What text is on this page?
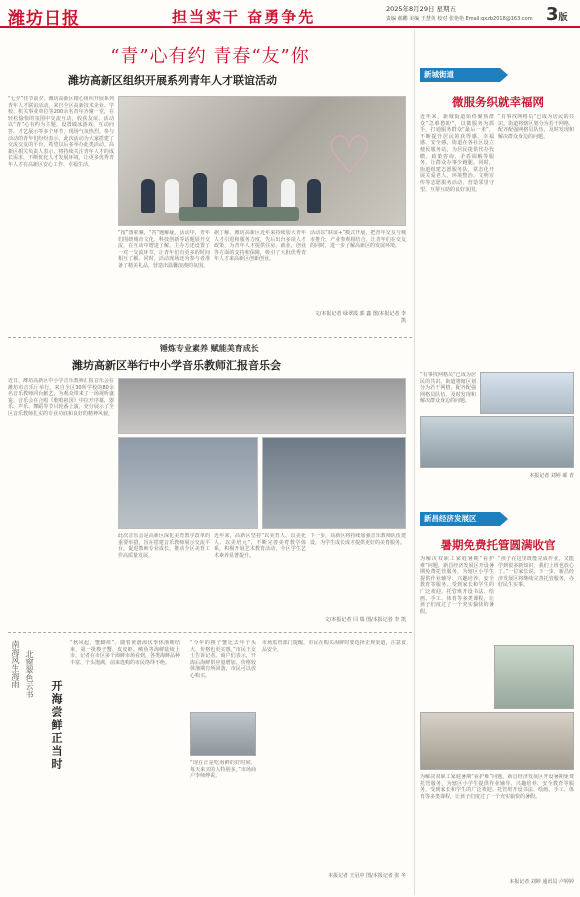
潍坊日报	担当实干 奋勇争先	2025年8月29日 星期五
责编 郝鹏 美编 王慧英 校对 张艳艳 Email:qxzb2018@163.com 3版
“青”心有约 青春“友”你
潍坊高新区组织开展系列青年人才联谊活动
“七夕”佳节前夕，潍坊高新区精心组织开展系列青年人才联谊活动，来自全区高新技术企业、学校、机关事业单位等200余名青年齐聚一堂，在轻松愉快的氛围中交流互动，收获友谊。活动以“青”心有约为主题，设置破冰游戏、互动问答、才艺展示等多个环节，现场气氛热烈。参与活动的青年们纷纷表示，此次活动为大家搭建了交流交友的平台，希望以后多举办此类活动。高新区相关负责人表示，将持续关注青年人才的成长需求，不断优化人才发展环境，让更多优秀青年人才在高新区安心工作、幸福生活。	♡
“按”图索骥，“答”题解疑。活动中，青年们围绕城市文化、科技创新等话题展开交流，在互动中增进了解。主办方还设置了一对一交流环节，让青年们有更多的时间相互了解。同时，活动现场还为参与者准备了精美礼品，营造出温馨浪漫的氛围。
据了解，潍坊高新区近年来持续加大青年人才引进和服务力度，先后出台多项人才政策，为青年人才提供住房、就业、创业等方面的支持和保障，吸引了大批优秀青年人才来高新区创新创业。
活动以“联谊+”模式开展，把青年交友与城市推介、产业参观相结合，让青年们在交友的同时，进一步了解高新区的发展环境。
文/本报记者 绿翠霞 郭 鑫 图/本报记者 李 凯
锤炼专业素养 赋能美育成长
潍坊高新区举行中小学音乐教师汇报音乐会
近日，潍坊高新区中小学音乐教师汇报音乐会在潍坊市音乐厅举行。来自全区30所学校的80余名音乐教师同台献艺，为观众带来了一场视听盛宴。音乐会在合唱《歌唱祖国》中拉开序幕，器乐、声乐、舞蹈等节目轮番上演，充分展示了全区音乐教师扎实的专业功底和良好的精神风貌。
此次音乐会是高新区深化美育教学改革的重要举措，旨在搭建音乐教师展示交流平台，促进教师专业成长，推动全区美育工作高质量发展。
近年来，高新区坚持“以美育人、以美化人、以美培元”，不断完善美育教学体系，积极开展艺术教育活动，全区学生艺术素养显著提升。
下一步，高新区将持续加强音乐教师队伍建设，为学生成长成才提供更好的美育服务。
文/本报记者 闫 瑞 图/本报记者 李 凯
南海风生海雨 北窗翠色云书
开海尝鲜正当时
“秋风起，蟹脚痒”。随着黄渤海伏季休渔期结束，第一批梭子蟹、皮皮虾、鲅鱼等海鲜陆续上市。记者在市区多个海鲜市场看到，各类海鲜品种丰富、个头饱满，前来选购的市民络绎不绝。
“今年的梭子蟹比去年个头大，价格也更实惠。”市民王女士告诉记者。商户们表示，开海后海鲜供应量增加，价格较休渔期有所回落，市民可以放心购买。
“现在正是吃海鲜的好时候，每天来买的人特别多。”市场商户李师傅说。
市场监管部门提醒，市民在购买海鲜时要选择正规渠道，注意食品安全。
本报记者 王冠中 图/本报记者 张 冬
新城街道
微服务织就幸福网
近年来，新城街道始终聚焦群众“急难愁盼”，以微服务为抓手，打通服务群众“最后一米”，不断提升居民的获得感、幸福感、安全感。街道在各社区设立便民服务站，为居民提供代办代缴、政策咨询、矛盾调解等服务，让群众办事少跑腿。同时，街道组建志愿服务队，常态化开展关爱老人、环境整治、文明宣传等志愿服务活动，营造邻里守望、互帮互助的良好氛围。
“有事找网格员”已成为居民的共识。街道将辖区划分为若干网格，配齐配强网格员队伍，及时发现和解决群众身边的问题。
“有事找网格员”已成为居民的共识。街道将辖区划分为若干网格，配齐配强网格员队伍，及时发现和解决群众身边的问题。
本报记者 刘婷 郝 青
新昌经济发展区
暑期免费托管圆满收官
为解决双职工家庭暑期“看护难”问题，新昌经济发展区开设暑期免费托管服务，为辖区小学生提供作业辅导、兴趣培养、安全教育等服务，受到家长和学生的广泛欢迎。托管班开设书法、绘画、手工、体育等多类课程，让孩子们度过了一个充实愉快的暑假。
“孩子在这里既能完成作业，又能学到很多新知识，我们上班也放心了。”一位家长说。下一步，新昌经济发展区将继续完善托管服务，办好民生实事。
为解决双职工家庭暑期“看护难”问题，新昌经济发展区开设暑期免费托管服务，为辖区小学生提供作业辅导、兴趣培养、安全教育等服务，受到家长和学生的广泛欢迎。托管班开设书法、绘画、手工、体育等多类课程，让孩子们度过了一个充实愉快的暑假。
本报记者 刘婷 通讯员 卢婷婷
